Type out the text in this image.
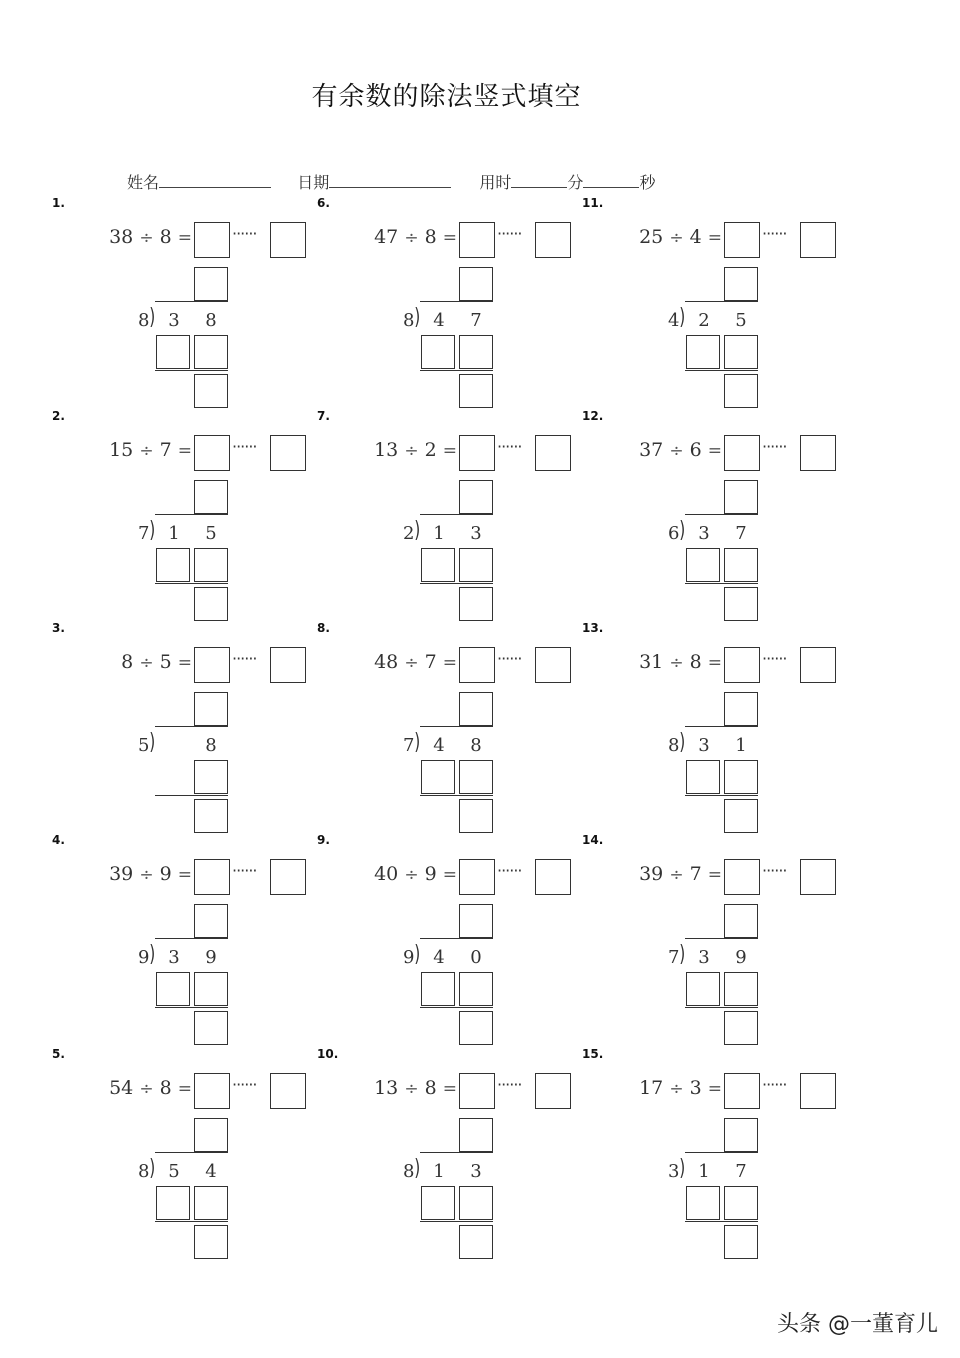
有余数的除法竖式填空
姓名	日期	用时	分	秒
1.
38 ÷ 8 =	······
8 ) 3 8
2.
15 ÷ 7 =	······
7 ) 1 5
3.
8 ÷ 5 =	······
5 )	8
4.
39 ÷ 9 =	······
9 ) 3 9
5.
54 ÷ 8 =	······
8 ) 5 4
6.
47 ÷ 8 =	······
8 ) 4 7
7.
13 ÷ 2 =	······
2 ) 1 3
8.
48 ÷ 7 =	······
7 ) 4 8
9.
40 ÷ 9 =	······
9 ) 4 0
10.
13 ÷ 8 =	······
8 ) 1 3
11.
25 ÷ 4 =	······
4 ) 2 5
12.
37 ÷ 6 =	······
6 ) 3 7
13.
31 ÷ 8 =	······
8 ) 3 1
14.
39 ÷ 7 =	······
7 ) 3 9
15.
17 ÷ 3 =	······
3 ) 1 7
头条 @一董育儿
